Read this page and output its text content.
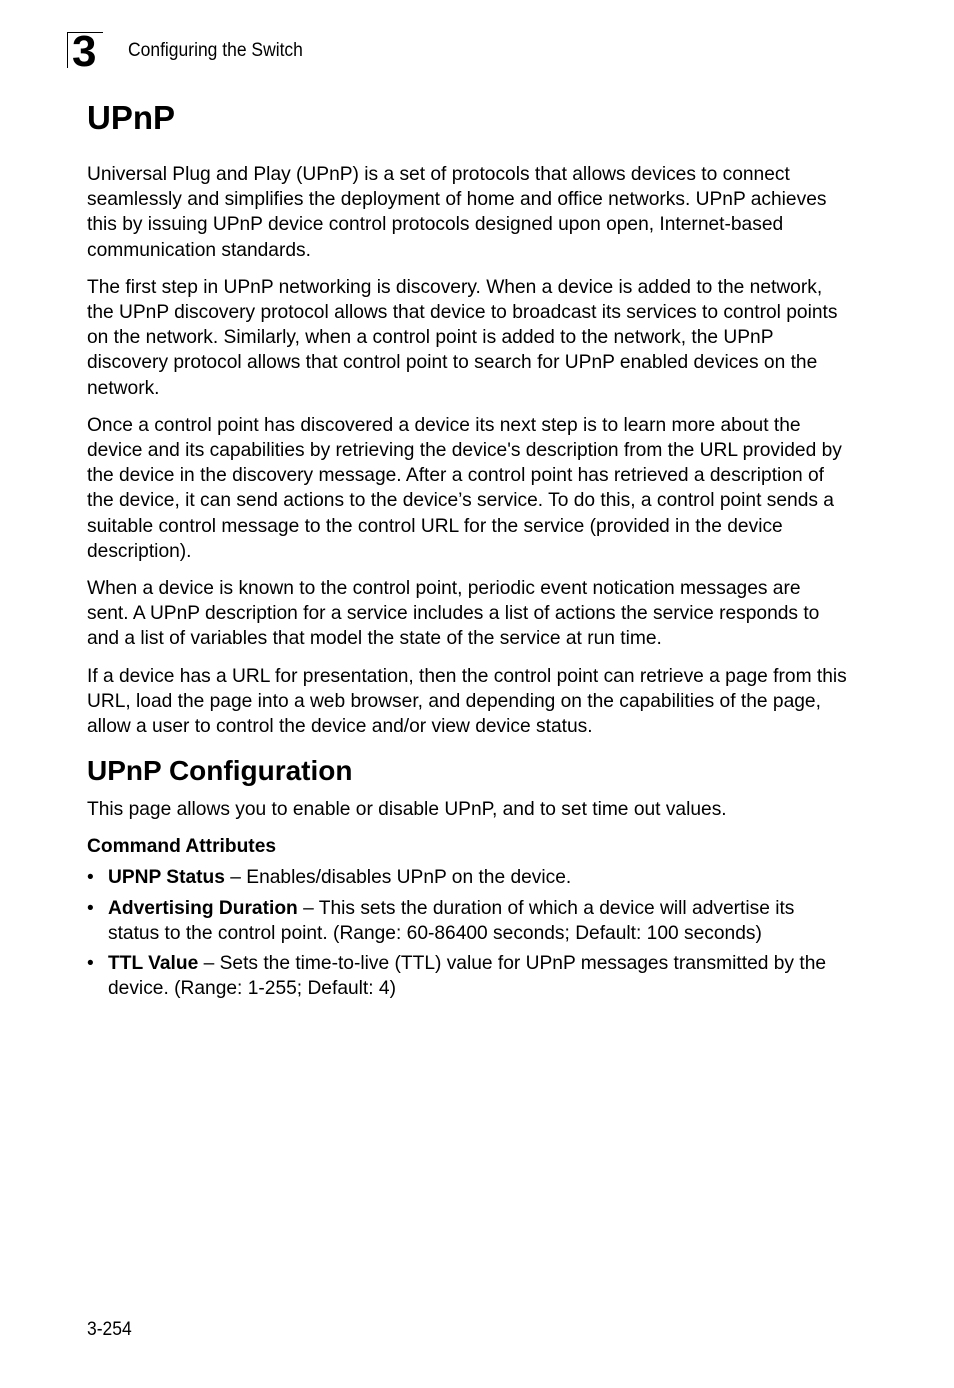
3 Configuring the Switch
UPnP

Universal Plug and Play (UPnP) is a set of protocols that allows devices to connect seamlessly and simplifies the deployment of home and office networks. UPnP achieves this by issuing UPnP device control protocols designed upon open, Internet-based communication standards.

The first step in UPnP networking is discovery. When a device is added to the network, the UPnP discovery protocol allows that device to broadcast its services to control points on the network. Similarly, when a control point is added to the network, the UPnP discovery protocol allows that control point to search for UPnP enabled devices on the network.

Once a control point has discovered a device its next step is to learn more about the device and its capabilities by retrieving the device's description from the URL provided by the device in the discovery message. After a control point has retrieved a description of the device, it can send actions to the device’s service. To do this, a control point sends a suitable control message to the control URL for the service (provided in the device description).

When a device is known to the control point, periodic event notication messages are sent. A UPnP description for a service includes a list of actions the service responds to and a list of variables that model the state of the service at run time.

If a device has a URL for presentation, then the control point can retrieve a page from this URL, load the page into a web browser, and depending on the capabilities of the page, allow a user to control the device and/or view device status.

UPnP Configuration

This page allows you to enable or disable UPnP, and to set time out values.

Command Attributes
• UPNP Status – Enables/disables UPnP on the device.
• Advertising Duration – This sets the duration of which a device will advertise its status to the control point. (Range: 60-86400 seconds; Default: 100 seconds)
• TTL Value – Sets the time-to-live (TTL) value for UPnP messages transmitted by the device. (Range: 1-255; Default: 4)
3-254
